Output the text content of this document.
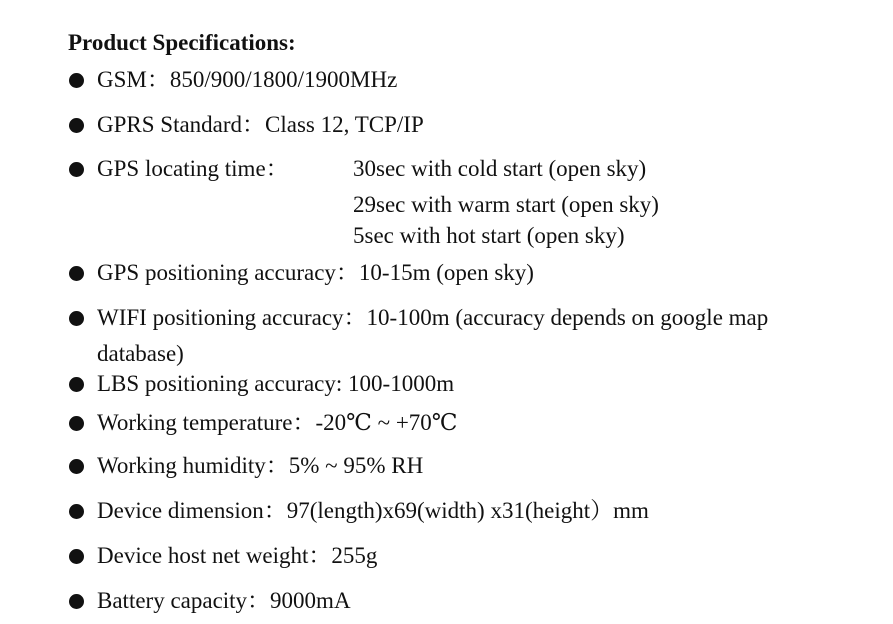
Product Specifications:
GSM：850/900/1800/1900MHz
GPRS Standard：Class 12, TCP/IP
GPS locating time：	30sec with cold start (open sky)
29sec with warm start (open sky)
5sec with hot start (open sky)
GPS positioning accuracy：10-15m (open sky)
WIFI positioning accuracy：10-100m (accuracy depends on google map
database)
LBS positioning accuracy: 100-1000m
Working temperature：-20℃ ~ +70℃
Working humidity：5% ~ 95% RH
Device dimension：97(length)x69(width) x31(height）mm
Device host net weight：255g
Battery capacity：9000mA
